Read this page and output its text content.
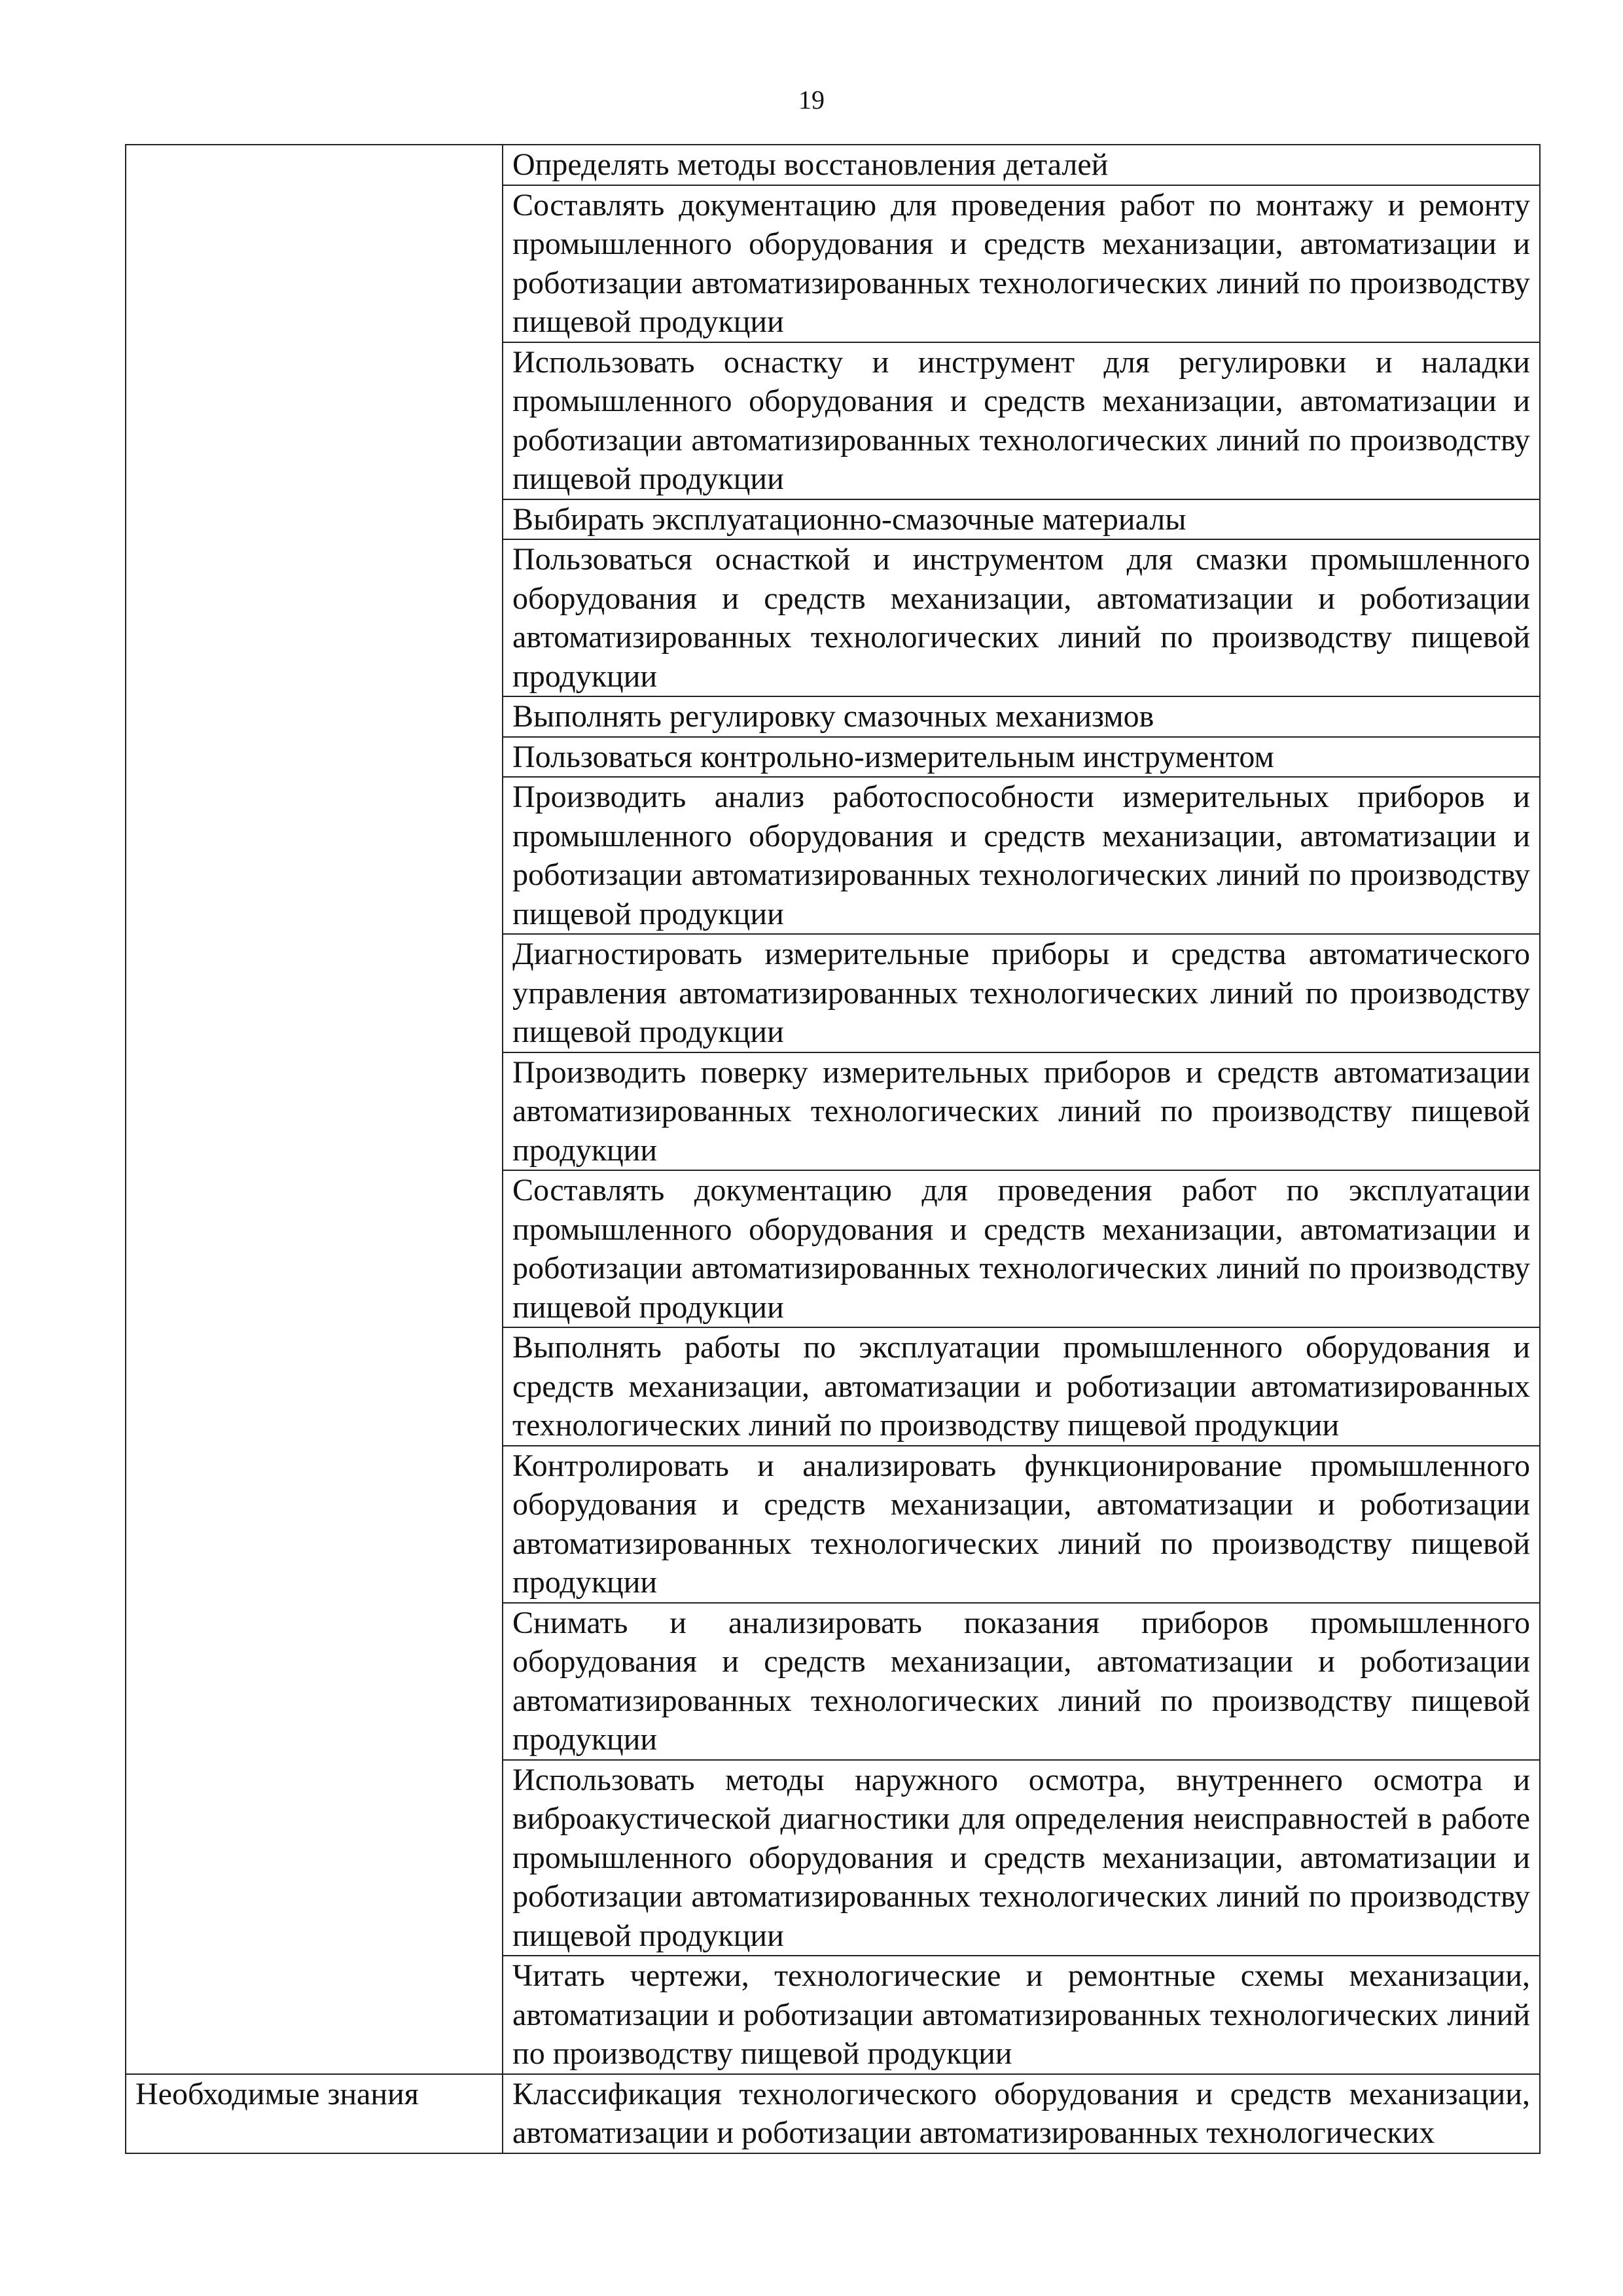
19
	Определять методы восстановления деталей
	Составлять документацию для проведения работ по монтажу и ремонту промышленного оборудования и средств механизации, автоматизации и роботизации автоматизированных технологических линий по производству пищевой продукции
	Использовать оснастку и инструмент для регулировки и наладки промышленного оборудования и средств механизации, автоматизации и роботизации автоматизированных технологических линий по производству пищевой продукции
	Выбирать эксплуатационно-смазочные материалы
	Пользоваться оснасткой и инструментом для смазки промышленного оборудования и средств механизации, автоматизации и роботизации автоматизированных технологических линий по производству пищевой продукции
	Выполнять регулировку смазочных механизмов
	Пользоваться контрольно-измерительным инструментом
	Производить анализ работоспособности измерительных приборов и промышленного оборудования и средств механизации, автоматизации и роботизации автоматизированных технологических линий по производству пищевой продукции
	Диагностировать измерительные приборы и средства автоматического управления автоматизированных технологических линий по производству пищевой продукции
	Производить поверку измерительных приборов и средств автоматизации автоматизированных технологических линий по производству пищевой продукции
	Составлять документацию для проведения работ по эксплуатации промышленного оборудования и средств механизации, автоматизации и роботизации автоматизированных технологических линий по производству пищевой продукции
	Выполнять работы по эксплуатации промышленного оборудования и средств механизации, автоматизации и роботизации автоматизированных технологических линий по производству пищевой продукции
	Контролировать и анализировать функционирование промышленного оборудования и средств механизации, автоматизации и роботизации автоматизированных технологических линий по производству пищевой продукции
	Снимать и анализировать показания приборов промышленного оборудования и средств механизации, автоматизации и роботизации автоматизированных технологических линий по производству пищевой продукции
	Использовать методы наружного осмотра, внутреннего осмотра и виброакустической диагностики для определения неисправностей в работе промышленного оборудования и средств механизации, автоматизации и роботизации автоматизированных технологических линий по производству пищевой продукции
	Читать чертежи, технологические и ремонтные схемы механизации, автоматизации и роботизации автоматизированных технологических линий по производству пищевой продукции
Необходимые знания	Классификация технологического оборудования и средств механизации, автоматизации и роботизации автоматизированных технологических
